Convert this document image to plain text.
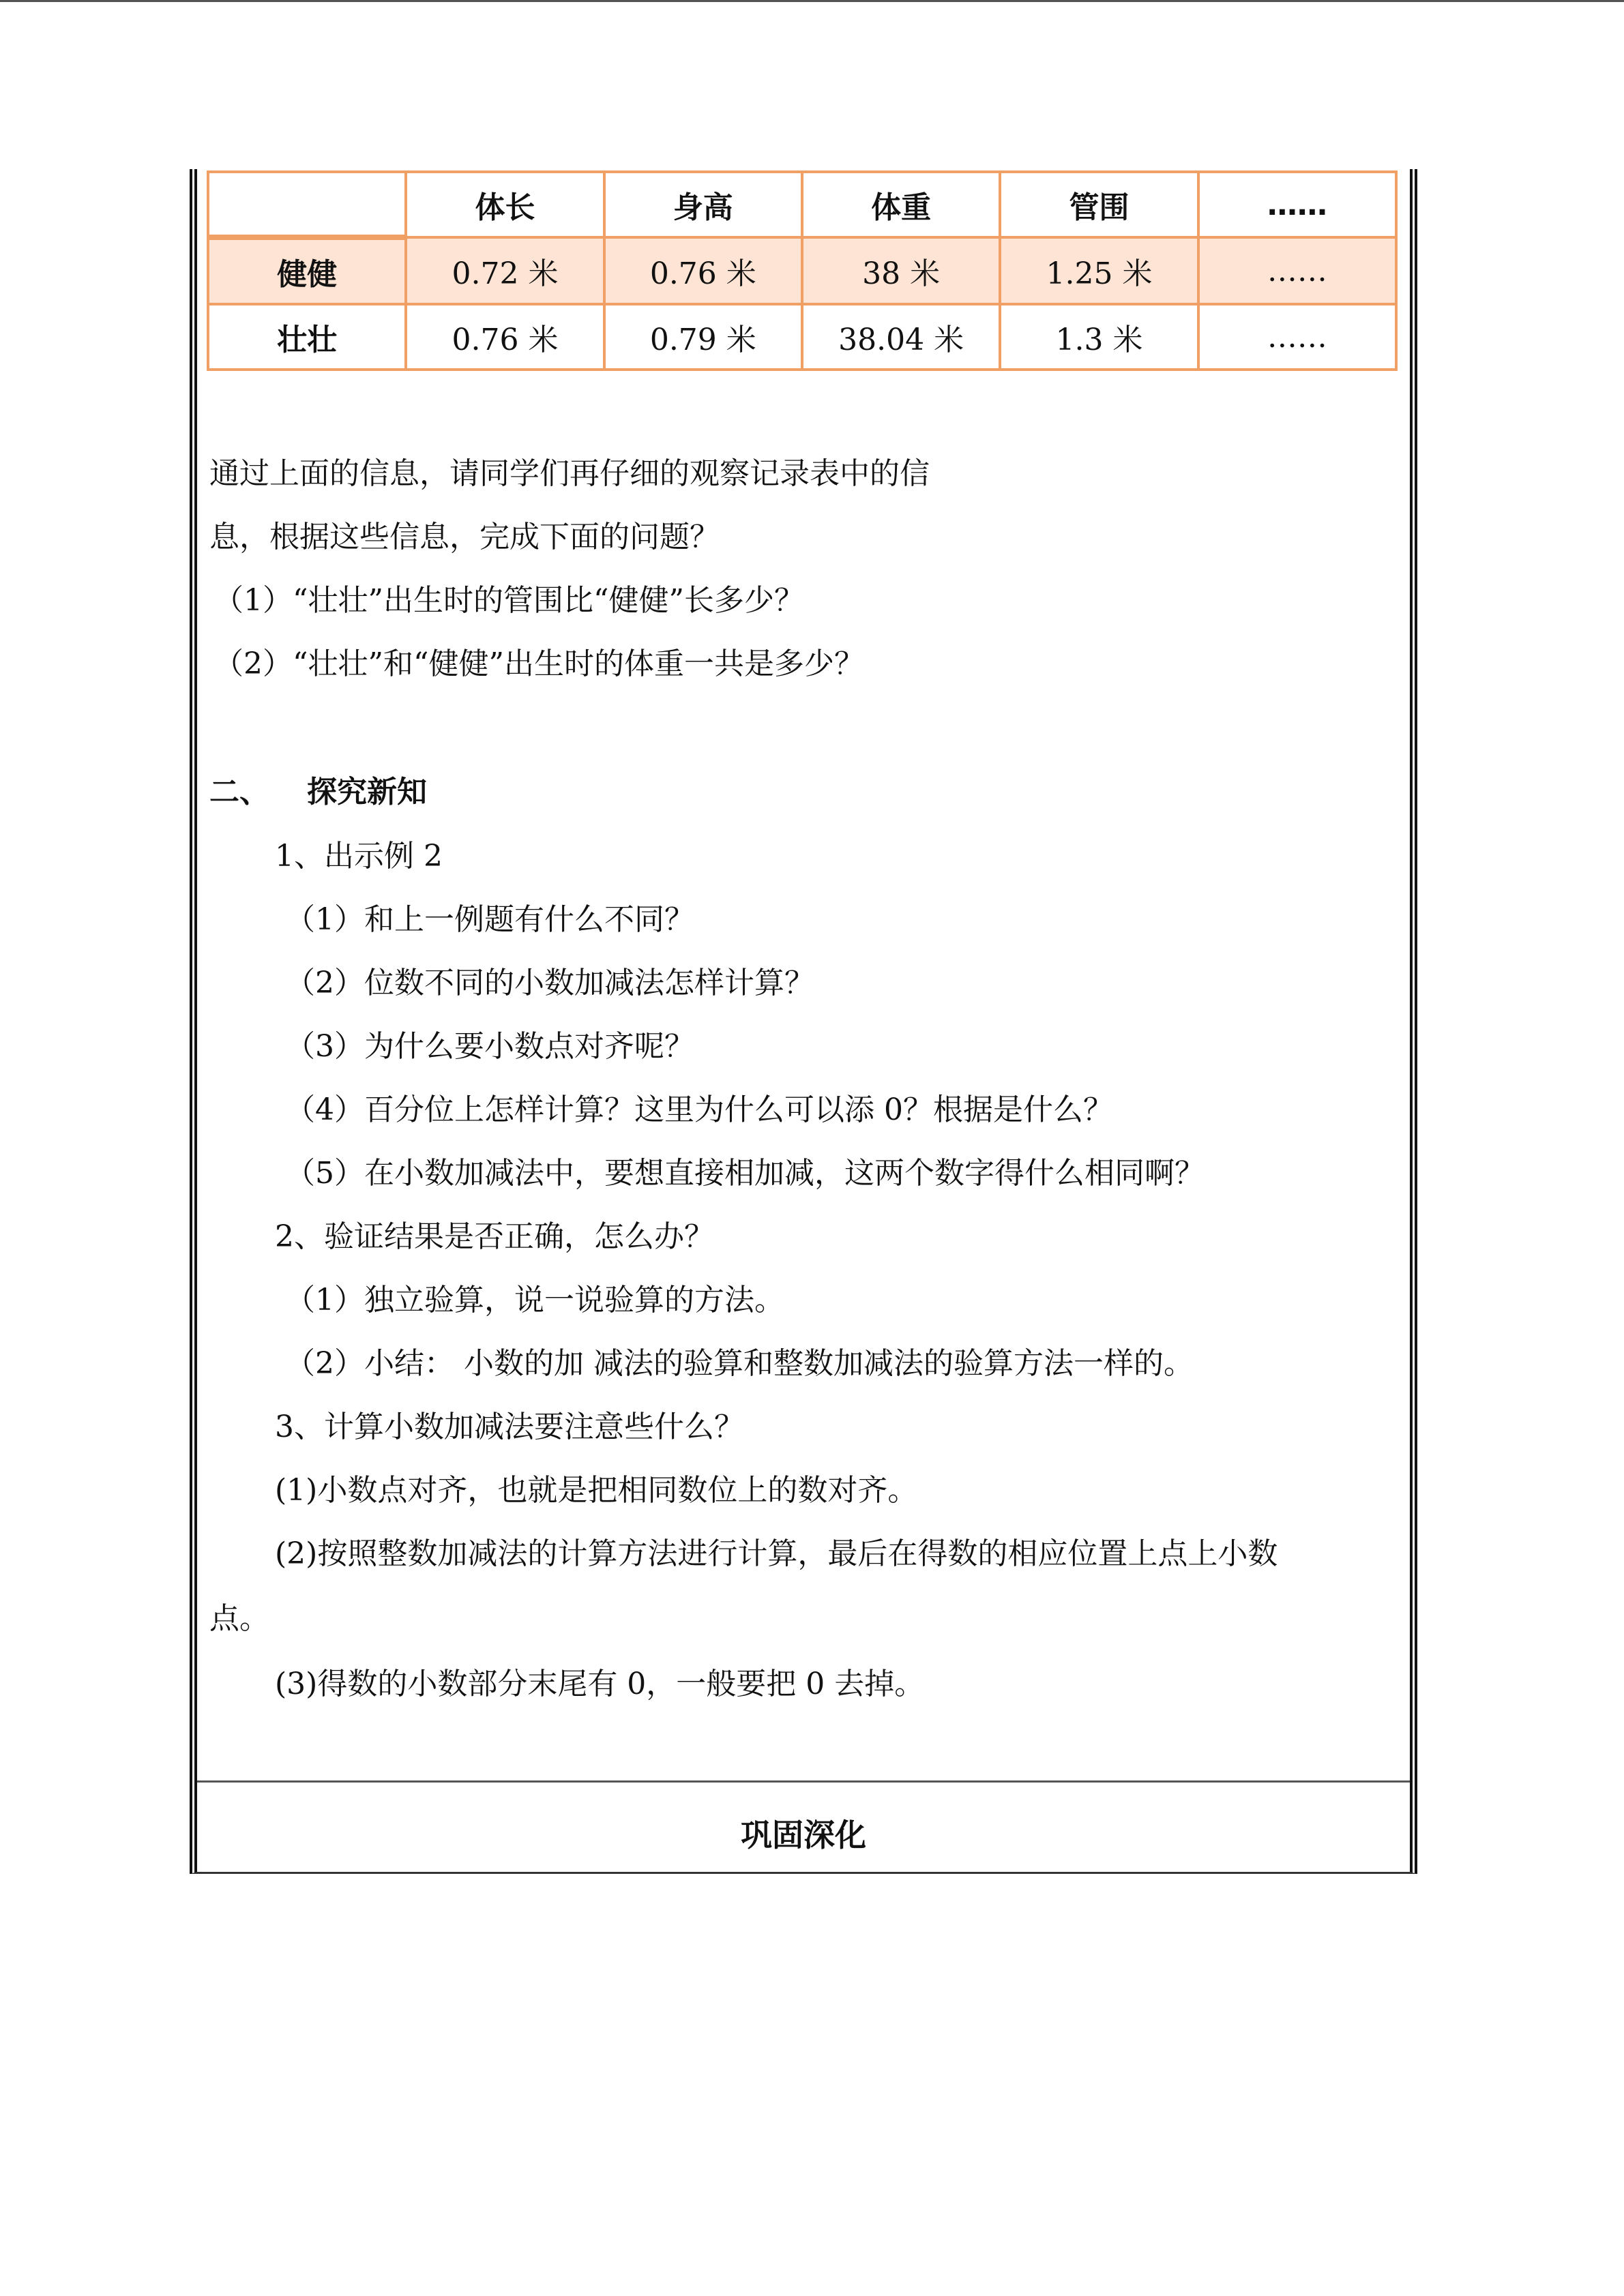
	体长	身高	体重	管围	……
健健	0.72 米	0.76 米	38 米	1.25 米	……
壮壮	0.76 米	0.79 米	38.04 米	1.3 米	……
通过上面的信息，请同学们再仔细的观察记录表中的信
息，根据这些信息，完成下面的问题？
（1）“壮壮”出生时的管围比“健健”长多少？
（2）“壮壮”和“健健”出生时的体重一共是多少？
二、 探究新知
1、出示例 2
（1）和上一例题有什么不同？
（2）位数不同的小数加减法怎样计算？
（3）为什么要小数点对齐呢？
（4）百分位上怎样计算？这里为什么可以添 0？根据是什么？
（5）在小数加减法中，要想直接相加减，这两个数字得什么相同啊？
2、验证结果是否正确，怎么办？
（1）独立验算，说一说验算的方法。
（2）小结： 小数的加 减法的验算和整数加减法的验算方法一样的。
3、计算小数加减法要注意些什么？
(1)小数点对齐，也就是把相同数位上的数对齐。
(2)按照整数加减法的计算方法进行计算，最后在得数的相应位置上点上小数
点。
(3)得数的小数部分末尾有 0，一般要把 0 去掉。
巩固深化
